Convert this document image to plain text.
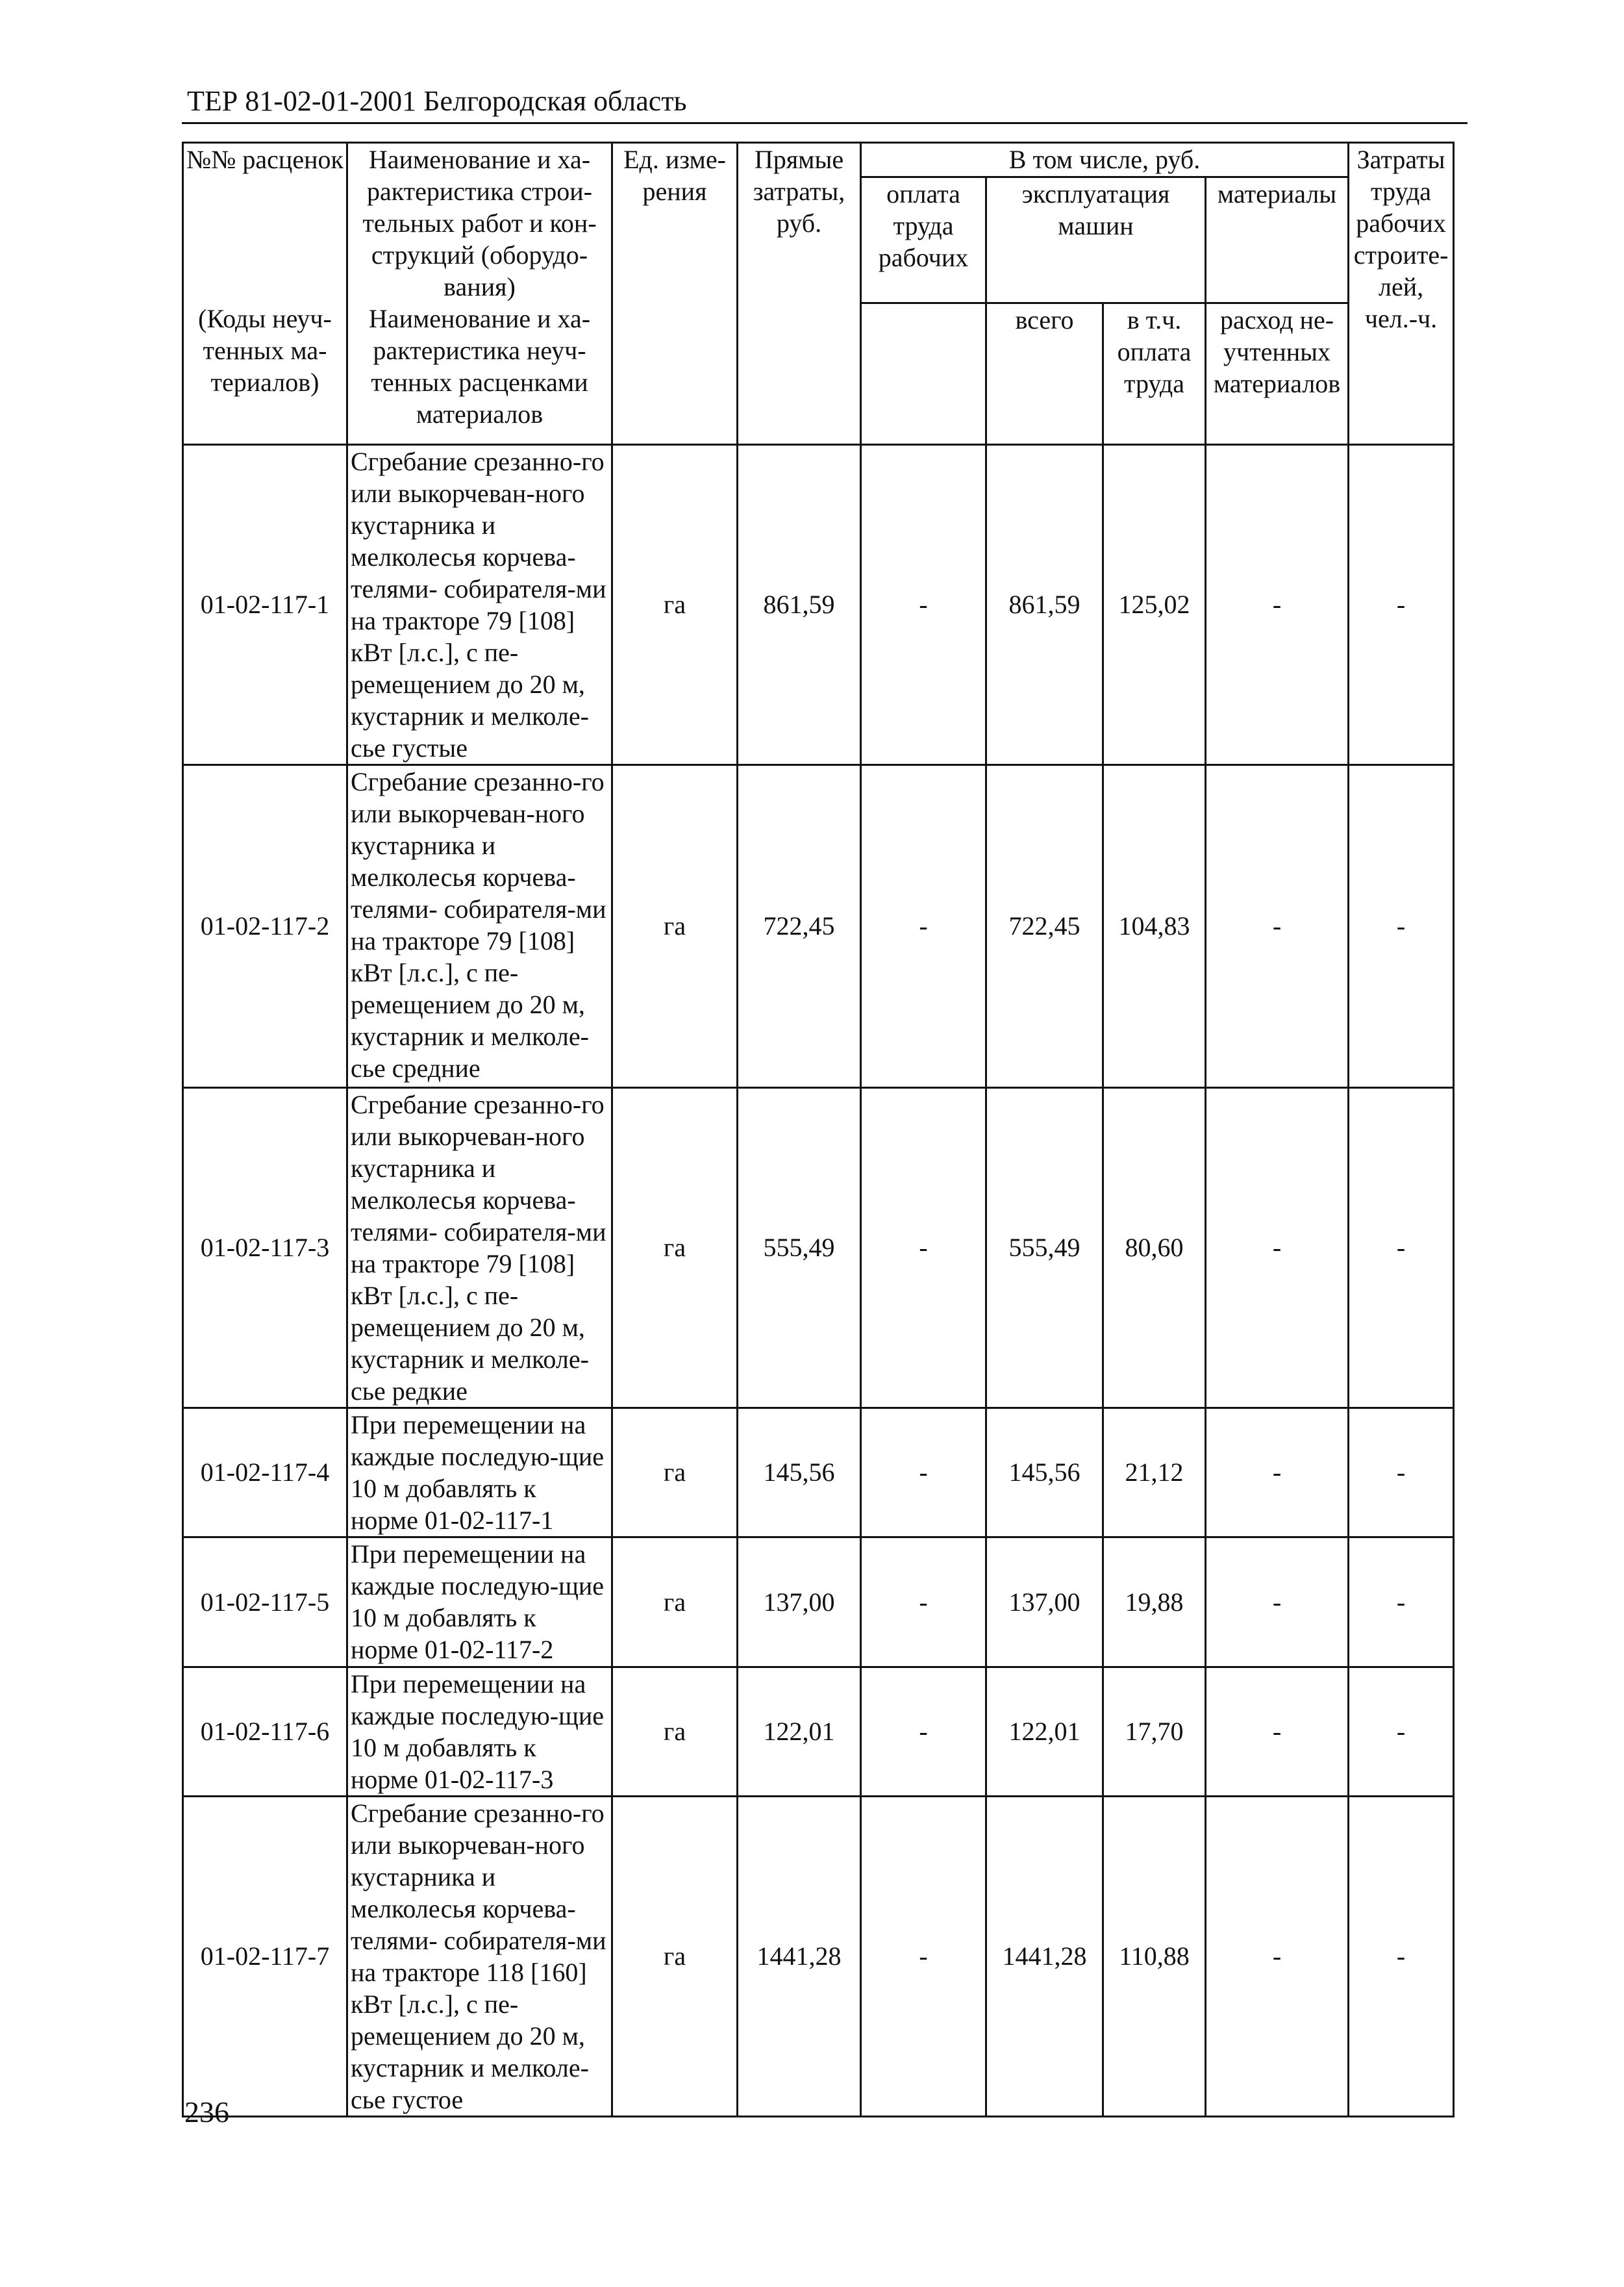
ТЕР 81-02-01-2001 Белгородская область
№№ расценок	Наименование и ха-рактеристика строи-тельных работ и кон-струкций (оборудо-вания)	Ед. изме-рения	Прямые затраты, руб.	В том числе, руб.				Затраты труда рабочих строите-лей, чел.-ч.
				оплата труда рабочих	эксплуатация машин		материалы	
(Коды неуч-тенных ма-териалов)	Наименование и ха-рактеристика неуч-тенных расценками материалов				всего	в т.ч. оплата труда	расход не-учтенных материалов	
01-02-117-1	Сгребание срезанно-го или выкорчеван-ного кустарника и мелколесья корчева-телями- собирателя-ми на тракторе 79 [108] кВт [л.с.], с пе-ремещением до 20 м, кустарник и мелколе-сье густые	га	861,59	-	861,59	125,02	-	-
01-02-117-2	Сгребание срезанно-го или выкорчеван-ного кустарника и мелколесья корчева-телями- собирателя-ми на тракторе 79 [108] кВт [л.с.], с пе-ремещением до 20 м, кустарник и мелколе-сье средние	га	722,45	-	722,45	104,83	-	-
01-02-117-3	Сгребание срезанно-го или выкорчеван-ного кустарника и мелколесья корчева-телями- собирателя-ми на тракторе 79 [108] кВт [л.с.], с пе-ремещением до 20 м, кустарник и мелколе-сье редкие	га	555,49	-	555,49	80,60	-	-
01-02-117-4	При перемещении на каждые последую-щие 10 м добавлять к норме 01-02-117-1	га	145,56	-	145,56	21,12	-	-
01-02-117-5	При перемещении на каждые последую-щие 10 м добавлять к норме 01-02-117-2	га	137,00	-	137,00	19,88	-	-
01-02-117-6	При перемещении на каждые последую-щие 10 м добавлять к норме 01-02-117-3	га	122,01	-	122,01	17,70	-	-
01-02-117-7	Сгребание срезанно-го или выкорчеван-ного кустарника и мелколесья корчева-телями- собирателя-ми на тракторе 118 [160] кВт [л.с.], с пе-ремещением до 20 м, кустарник и мелколе-сье густое	га	1441,28	-	1441,28	110,88	-	-
236
